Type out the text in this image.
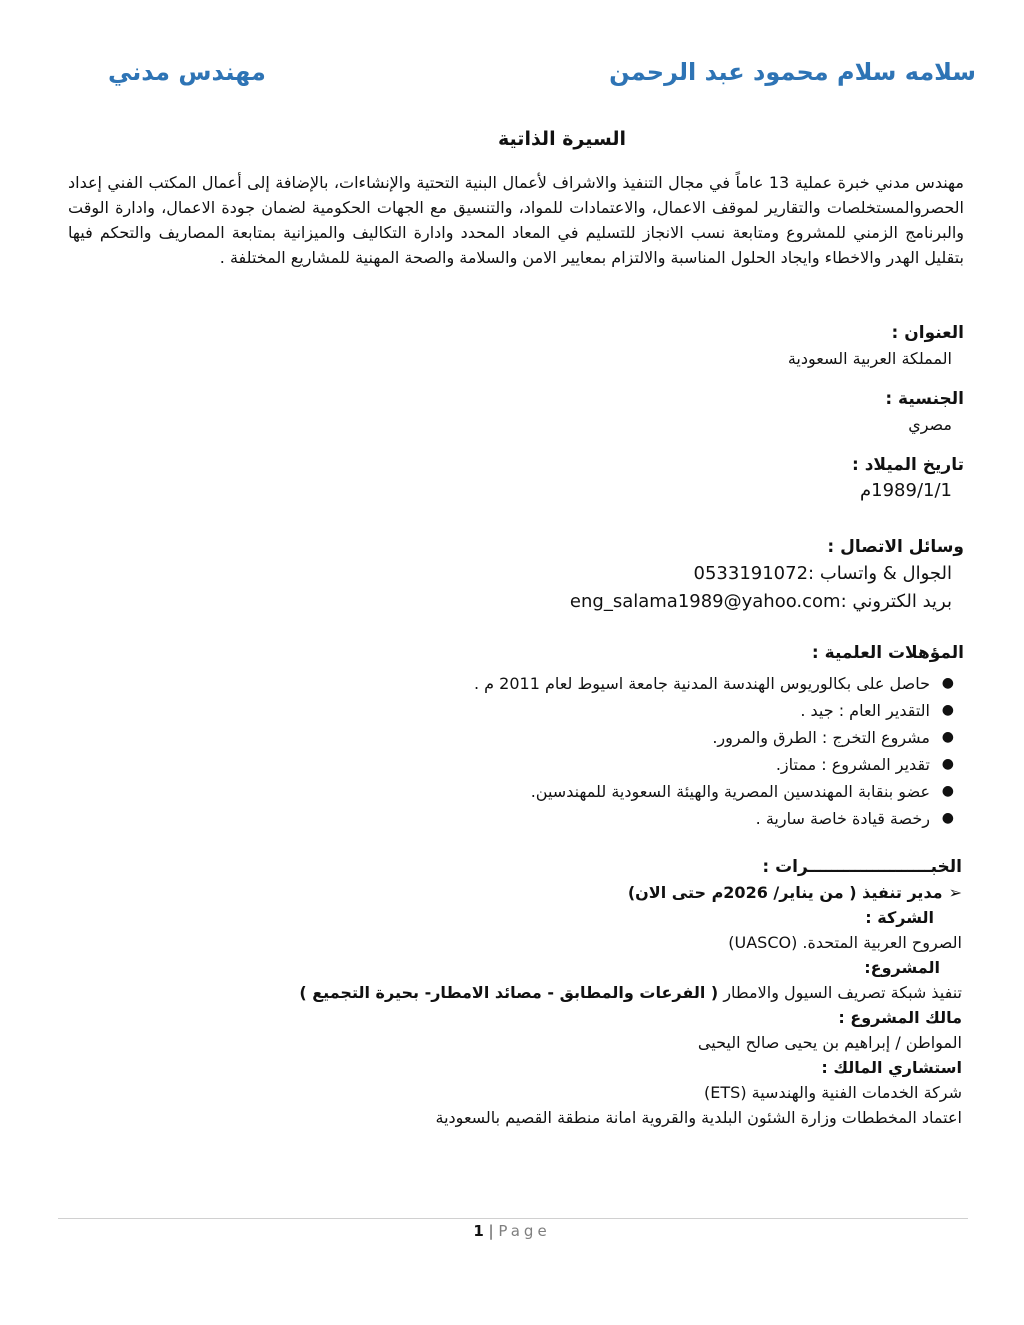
سلامه سلام محمود عبد الرحمن
مهندس مدني
السيرة الذاتية
مهندس مدني خبرة عملية 13 عاماً في مجال التنفيذ والاشراف لأعمال البنية التحتية والإنشاءات، بالإضافة إلى أعمال المكتب الفني إعداد الحصروالمستخلصات والتقارير لموقف الاعمال، والاعتمادات للمواد، والتنسيق مع الجهات الحكومية لضمان جودة الاعمال، وادارة الوقت والبرنامج الزمني للمشروع ومتابعة نسب الانجاز للتسليم في المعاد المحدد وادارة التكاليف والميزانية بمتابعة المصاريف والتحكم فيها بتقليل الهدر والاخطاء وايجاد الحلول المناسبة والالتزام بمعايير الامن والسلامة والصحة المهنية للمشاريع المختلفة .
العنوان :
المملكة العربية السعودية
الجنسية :
مصري
تاريخ الميلاد :
1989/1/1م
وسائل الاتصال :
الجوال & واتساب :0533191072
بريد الكتروني :eng_salama1989@yahoo.com
المؤهلات العلمية :
●
حاصل على بكالوريوس الهندسة المدنية جامعة اسيوط لعام 2011 م .
●
التقدير العام : جيد .
●
مشروع التخرج : الطرق والمرور.
●
تقدير المشروع : ممتاز.
●
عضو بنقابة المهندسين المصرية والهيئة السعودية للمهندسين.
●
رخصة قيادة خاصة سارية .
الخبـــــــــــــــــــــرات :
➢مدير تنفيذ ( من يناير/ 2026م حتى الان)
الشركة :
الصروح العربية المتحدة. (UASCO)
المشروع:
تنفيذ شبكة تصريف السيول والامطار ( الفرعات والمطابق - مصائد الامطار- بحيرة التجميع )
مالك المشروع :
المواطن / إبراهيم بن يحيى صالح اليحيى
استشاري المالك :
شركة الخدمات الفنية والهندسية (ETS)
اعتماد المخططات وزارة الشئون البلدية والقروية امانة منطقة القصيم بالسعودية
1 | Page
